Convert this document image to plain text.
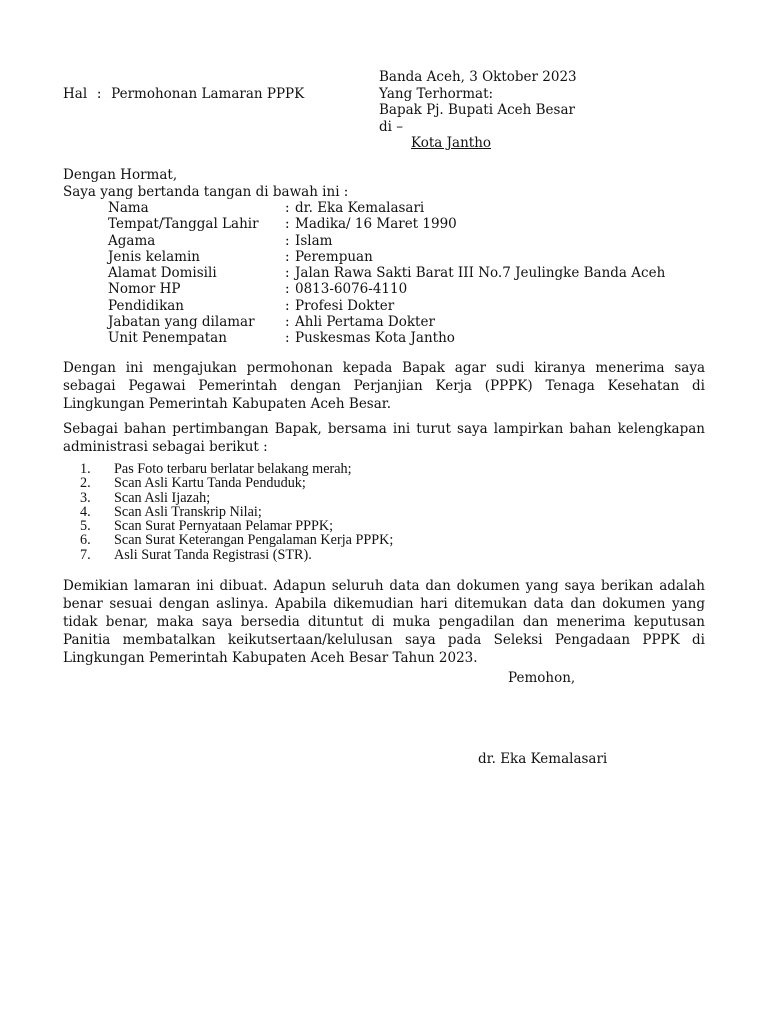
Hal : Permohonan Lamaran PPPK
Banda Aceh, 3 Oktober 2023
Yang Terhormat:
Bapak Pj. Bupati Aceh Besar
di –
Kota Jantho
Dengan Hormat,
Saya yang bertanda tangan di bawah ini :
Nama	: dr. Eka Kemalasari
Tempat/Tanggal Lahir	: Madika/ 16 Maret 1990
Agama	: Islam
Jenis kelamin	: Perempuan
Alamat Domisili	: Jalan Rawa Sakti Barat III No.7 Jeulingke Banda Aceh
Nomor HP	: 0813-6076-4110
Pendidikan	: Profesi Dokter
Jabatan yang dilamar	: Ahli Pertama Dokter
Unit Penempatan	: Puskesmas Kota Jantho
Dengan ini mengajukan permohonan kepada Bapak agar sudi kiranya menerima saya sebagai Pegawai Pemerintah dengan Perjanjian Kerja (PPPK) Tenaga Kesehatan di Lingkungan Pemerintah Kabupaten Aceh Besar.
Sebagai bahan pertimbangan Bapak, bersama ini turut saya lampirkan bahan kelengkapan administrasi sebagai berikut :
1.	Pas Foto terbaru berlatar belakang merah;
2.	Scan Asli Kartu Tanda Penduduk;
3.	Scan Asli Ijazah;
4.	Scan Asli Transkrip Nilai;
5.	Scan Surat Pernyataan Pelamar PPPK;
6.	Scan Surat Keterangan Pengalaman Kerja PPPK;
7.	Asli Surat Tanda Registrasi (STR).
Demikian lamaran ini dibuat. Adapun seluruh data dan dokumen yang saya berikan adalah benar sesuai dengan aslinya. Apabila dikemudian hari ditemukan data dan dokumen yang tidak benar, maka saya bersedia dituntut di muka pengadilan dan menerima keputusan Panitia membatalkan keikutsertaan/kelulusan saya pada Seleksi Pengadaan PPPK di Lingkungan Pemerintah Kabupaten Aceh Besar Tahun 2023.
Pemohon,
dr. Eka Kemalasari
